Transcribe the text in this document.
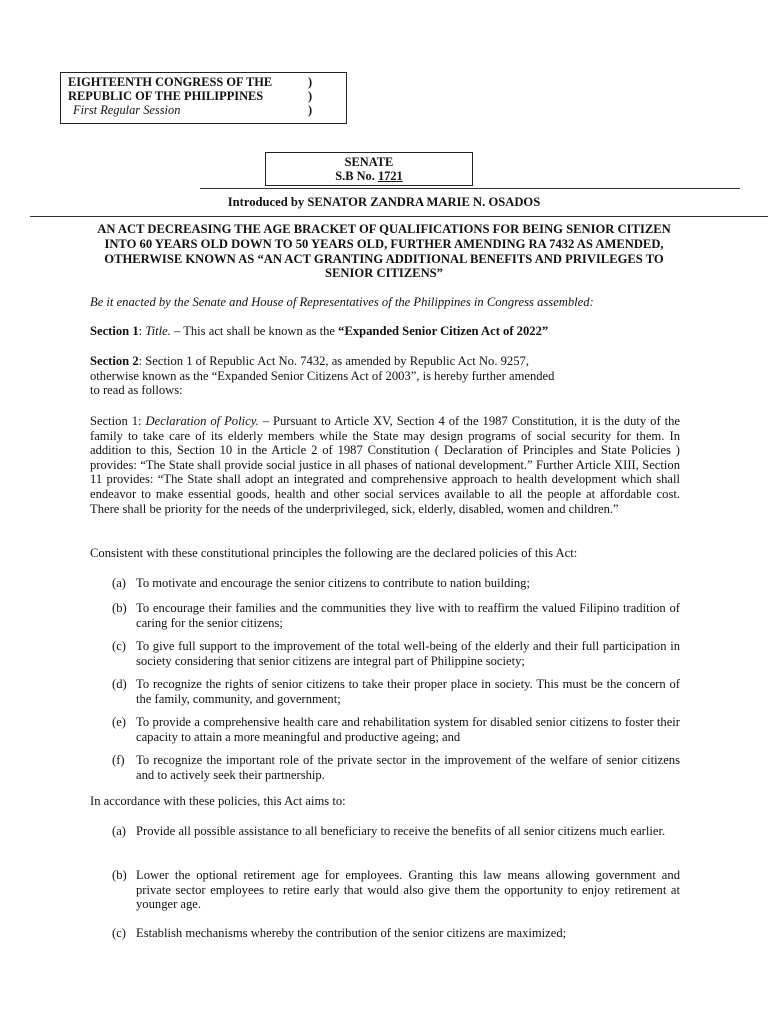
EIGHTEENTH CONGRESS OF THE	)
REPUBLIC OF THE PHILIPPINES	)
First Regular Session	)
SENATE
S.B No. 1721
Introduced by SENATOR ZANDRA MARIE N. OSADOS
AN ACT DECREASING THE AGE BRACKET OF QUALIFICATIONS FOR BEING SENIOR CITIZEN INTO 60 YEARS OLD DOWN TO 50 YEARS OLD, FURTHER AMENDING RA 7432 AS AMENDED, OTHERWISE KNOWN AS “AN ACT GRANTING ADDITIONAL BENEFITS AND PRIVILEGES TO SENIOR CITIZENS”
Be it enacted by the Senate and House of Representatives of the Philippines in Congress assembled:
Section 1: Title. – This act shall be known as the “Expanded Senior Citizen Act of 2022”
Section 2: Section 1 of Republic Act No. 7432, as amended by Republic Act No. 9257,
otherwise known as the “Expanded Senior Citizens Act of 2003”, is hereby further amended
to read as follows:
Section 1: Declaration of Policy. – Pursuant to Article XV, Section 4 of the 1987 Constitution, it is the duty of the family to take care of its elderly members while the State may design programs of social security for them. In addition to this, Section 10 in the Article 2 of 1987 Constitution ( Declaration of Principles and State Policies ) provides: “The State shall provide social justice in all phases of national development.” Further Article XIII, Section 11 provides: “The State shall adopt an integrated and comprehensive approach to health development which shall endeavor to make essential goods, health and other social services available to all the people at affordable cost. There shall be priority for the needs of the underprivileged, sick, elderly, disabled, women and children.”
Consistent with these constitutional principles the following are the declared policies of this Act:
(a) To motivate and encourage the senior citizens to contribute to nation building;
(b) To encourage their families and the communities they live with to reaffirm the valued Filipino tradition of caring for the senior citizens;
(c) To give full support to the improvement of the total well-being of the elderly and their full participation in society considering that senior citizens are integral part of Philippine society;
(d) To recognize the rights of senior citizens to take their proper place in society. This must be the concern of the family, community, and government;
(e) To provide a comprehensive health care and rehabilitation system for disabled senior citizens to foster their capacity to attain a more meaningful and productive ageing; and
(f) To recognize the important role of the private sector in the improvement of the welfare of senior citizens and to actively seek their partnership.
In accordance with these policies, this Act aims to:
(a) Provide all possible assistance to all beneficiary to receive the benefits of all senior citizens much earlier.
(b) Lower the optional retirement age for employees. Granting this law means allowing government and private sector employees to retire early that would also give them the opportunity to enjoy retirement at younger age.
(c) Establish mechanisms whereby the contribution of the senior citizens are maximized;
